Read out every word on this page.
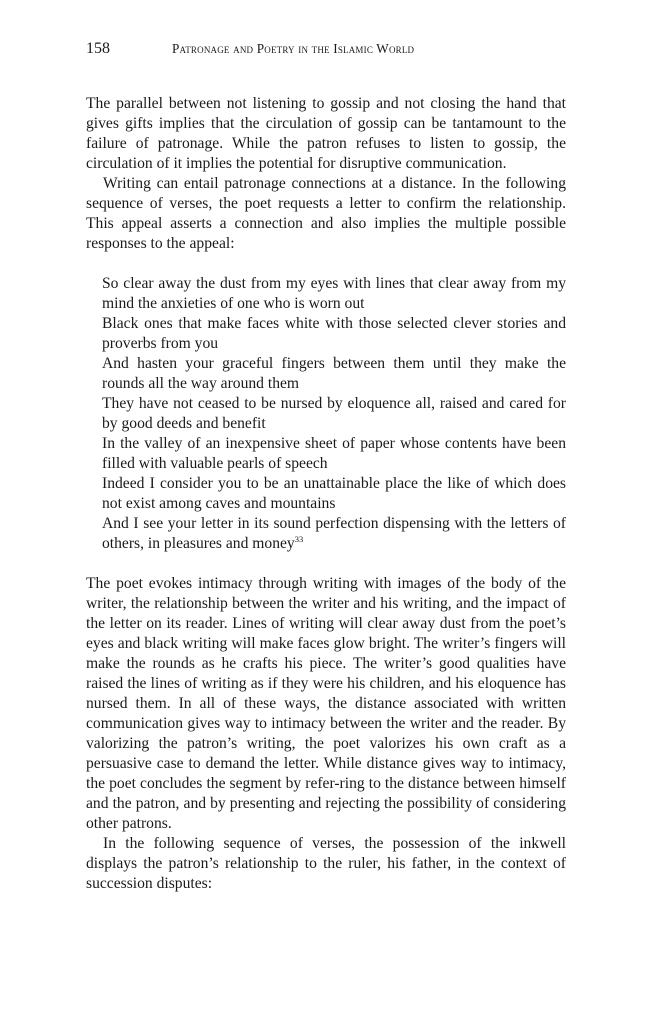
158	Patronage and Poetry in the Islamic World

The parallel between not listening to gossip and not closing the hand that gives gifts implies that the circulation of gossip can be tantamount to the failure of patronage. While the patron refuses to listen to gossip, the circulation of it implies the potential for disruptive communication.

Writing can entail patronage connections at a distance. In the following sequence of verses, the poet requests a letter to confirm the relationship. This appeal asserts a connection and also implies the multiple possible responses to the appeal:

So clear away the dust from my eyes with lines that clear away from my mind the anxieties of one who is worn out

Black ones that make faces white with those selected clever stories and proverbs from you

And hasten your graceful fingers between them until they make the rounds all the way around them

They have not ceased to be nursed by eloquence all, raised and cared for by good deeds and benefit

In the valley of an inexpensive sheet of paper whose contents have been filled with valuable pearls of speech

Indeed I consider you to be an unattainable place the like of which does not exist among caves and mountains

And I see your letter in its sound perfection dispensing with the letters of others, in pleasures and money$^{33}$

The poet evokes intimacy through writing with images of the body of the writer, the relationship between the writer and his writing, and the impact of the letter on its reader. Lines of writing will clear away dust from the poet’s eyes and black writing will make faces glow bright. The writer’s fingers will make the rounds as he crafts his piece. The writer’s good qualities have raised the lines of writing as if they were his children, and his eloquence has nursed them. In all of these ways, the distance associated with written communication gives way to intimacy between the writer and the reader. By valorizing the patron’s writing, the poet valorizes his own craft as a persuasive case to demand the letter. While distance gives way to intimacy, the poet concludes the segment by refer-ring to the distance between himself and the patron, and by presenting and rejecting the possibility of considering other patrons.

In the following sequence of verses, the possession of the inkwell displays the patron’s relationship to the ruler, his father, in the context of succession disputes:
